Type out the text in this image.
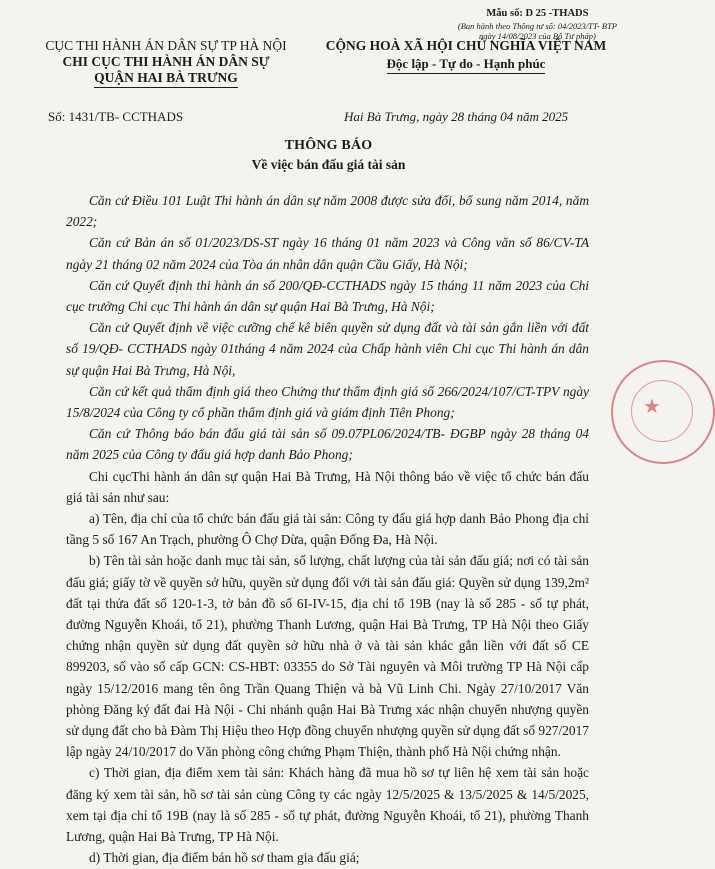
Mẫu số: D 25 -THADS
(Ban hành theo Thông tư số: 04/2023/TT- BTP
ngày 14/08/2023 của Bộ Tư pháp)
CỤC THI HÀNH ÁN DÂN SỰ TP HÀ NỘI
CHI CỤC THI HÀNH ÁN DÂN SỰ
QUẬN HAI BÀ TRƯNG
CỘNG HOÀ XÃ HỘI CHỦ NGHĨA VIỆT NAM
Độc lập - Tự do - Hạnh phúc
Số: 1431/TB- CCTHADS	Hai Bà Trưng, ngày 28 tháng 04 năm 2025
THÔNG BÁO
Về việc bán đấu giá tài sản

Căn cứ Điều 101 Luật Thi hành án dân sự năm 2008 được sửa đổi, bổ sung năm 2014, năm 2022;

Căn cứ Bản án số 01/2023/DS-ST ngày 16 tháng 01 năm 2023 và Công văn số 86/CV-TA ngày 21 tháng 02 năm 2024 của Tòa án nhân dân quận Cầu Giấy, Hà Nội;

Căn cứ Quyết định thi hành án số 200/QĐ-CCTHADS ngày 15 tháng 11 năm 2023 của Chi cục trưởng Chi cục Thi hành án dân sự quận Hai Bà Trưng, Hà Nội;

Căn cứ Quyết định về việc cưỡng chế kê biên quyền sử dụng đất và tài sản gắn liền với đất số 19/QĐ- CCTHADS ngày 01tháng 4 năm 2024 của Chấp hành viên Chi cục Thi hành án dân sự quận Hai Bà Trưng, Hà Nội,

Căn cứ kết quả thẩm định giá theo Chứng thư thẩm định giá số 266/2024/107/CT-TPV ngày 15/8/2024 của Công ty cổ phần thẩm định giá và giám định Tiên Phong;

Căn cứ Thông báo bán đấu giá tài sản số 09.07PL06/2024/TB- ĐGBP ngày 28 tháng 04 năm 2025 của Công ty đấu giá hợp danh Bảo Phong;

Chi cụcThi hành án dân sự quận Hai Bà Trưng, Hà Nội thông báo về việc tổ chức bán đấu giá tài sản như sau:

a) Tên, địa chỉ của tổ chức bán đấu giá tài sản: Công ty đấu giá hợp danh Bảo Phong địa chỉ tầng 5 số 167 An Trạch, phường Ô Chợ Dừa, quận Đống Đa, Hà Nội.

b) Tên tài sản hoặc danh mục tài sản, số lượng, chất lượng của tài sản đấu giá; nơi có tài sản đấu giá; giấy tờ về quyền sở hữu, quyền sử dụng đối với tài sản đấu giá: Quyền sử dụng 139,2m² đất tại thửa đất số 120-1-3, tờ bản đồ số 6I-IV-15, địa chỉ tổ 19B (nay là số 285 - số tự phát, đường Nguyễn Khoái, tổ 21), phường Thanh Lương, quận Hai Bà Trưng, TP Hà Nội theo Giấy chứng nhận quyền sử dụng đất quyền sở hữu nhà ở và tài sản khác gắn liền với đất số CE 899203, số vào số cấp GCN: CS-HBT: 03355 do Sở Tài nguyên và Môi trường TP Hà Nội cấp ngày 15/12/2016 mang tên ông Trần Quang Thiện và bà Vũ Linh Chi. Ngày 27/10/2017 Văn phòng Đăng ký đất đai Hà Nội - Chi nhánh quận Hai Bà Trưng xác nhận chuyển nhượng quyền sử dụng đất cho bà Đàm Thị Hiệu theo Hợp đồng chuyển nhượng quyền sử dụng đất số 927/2017 lập ngày 24/10/2017 do Văn phòng công chứng Phạm Thiện, thành phố Hà Nội chứng nhận.

c) Thời gian, địa điểm xem tài sản: Khách hàng đã mua hồ sơ tự liên hệ xem tài sản hoặc đăng ký xem tài sản, hồ sơ tài sản cùng Công ty các ngày 12/5/2025 & 13/5/2025 & 14/5/2025, xem tại địa chỉ tổ 19B (nay là số 285 - số tự phát, đường Nguyễn Khoái, tổ 21), phường Thanh Lương, quận Hai Bà Trưng, TP Hà Nội.

d) Thời gian, địa điểm bán hồ sơ tham gia đấu giá;

★
